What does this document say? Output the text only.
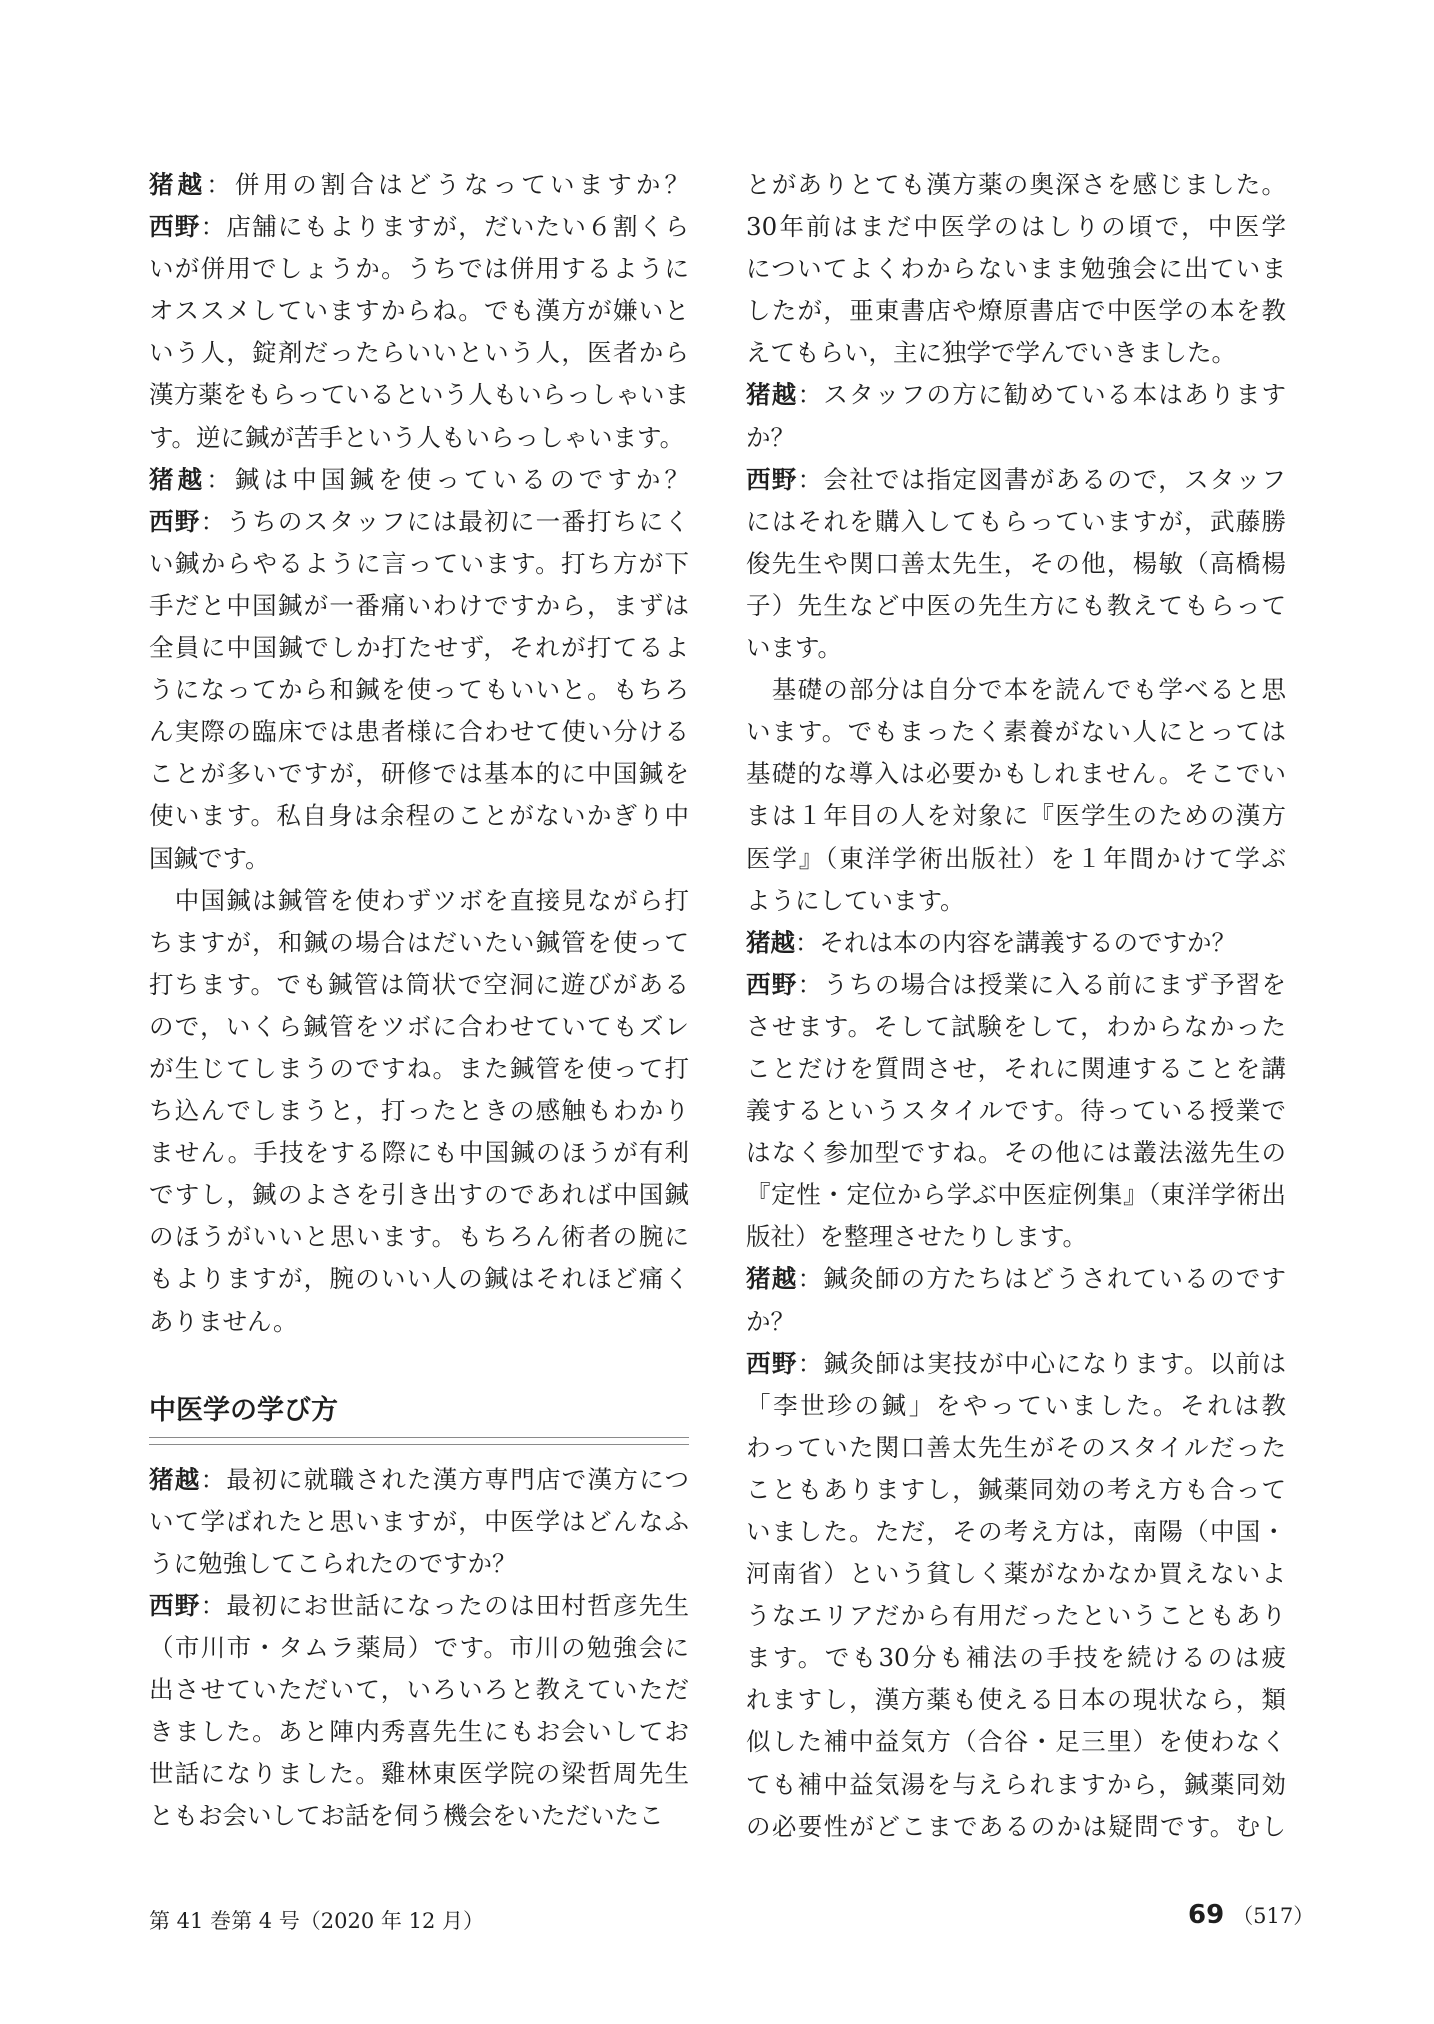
猪越：併用の割合はどうなっていますか？
西野：店舗にもよりますが，だいたい６割くら
いが併用でしょうか。うちでは併用するように
オススメしていますからね。でも漢方が嫌いと
いう人，錠剤だったらいいという人，医者から
漢方薬をもらっているという人もいらっしゃいま
す。逆に鍼が苦手という人もいらっしゃいます。
猪越：鍼は中国鍼を使っているのですか？
西野：うちのスタッフには最初に一番打ちにく
い鍼からやるように言っています。打ち方が下
手だと中国鍼が一番痛いわけですから，まずは
全員に中国鍼でしか打たせず，それが打てるよ
うになってから和鍼を使ってもいいと。もちろ
ん実際の臨床では患者様に合わせて使い分ける
ことが多いですが，研修では基本的に中国鍼を
使います。私自身は余程のことがないかぎり中
国鍼です。
　中国鍼は鍼管を使わずツボを直接見ながら打
ちますが，和鍼の場合はだいたい鍼管を使って
打ちます。でも鍼管は筒状で空洞に遊びがある
ので，いくら鍼管をツボに合わせていてもズレ
が生じてしまうのですね。また鍼管を使って打
ち込んでしまうと，打ったときの感触もわかり
ません。手技をする際にも中国鍼のほうが有利
ですし，鍼のよさを引き出すのであれば中国鍼
のほうがいいと思います。もちろん術者の腕に
もよりますが，腕のいい人の鍼はそれほど痛く
ありません。
中医学の学び方
猪越：最初に就職された漢方専門店で漢方につ
いて学ばれたと思いますが，中医学はどんなふ
うに勉強してこられたのですか？
西野：最初にお世話になったのは田村哲彦先生
（市川市・タムラ薬局）です。市川の勉強会に
出させていただいて，いろいろと教えていただ
きました。あと陣内秀喜先生にもお会いしてお
世話になりました。雞林東医学院の梁哲周先生
ともお会いしてお話を伺う機会をいただいたこ
とがありとても漢方薬の奥深さを感じました。
30年前はまだ中医学のはしりの頃で，中医学
についてよくわからないまま勉強会に出ていま
したが，亜東書店や燎原書店で中医学の本を教
えてもらい，主に独学で学んでいきました。
猪越：スタッフの方に勧めている本はあります
か？
西野：会社では指定図書があるので，スタッフ
にはそれを購入してもらっていますが，武藤勝
俊先生や関口善太先生，その他，楊敏（高橋楊
子）先生など中医の先生方にも教えてもらって
います。
　基礎の部分は自分で本を読んでも学べると思
います。でもまったく素養がない人にとっては
基礎的な導入は必要かもしれません。そこでい
まは１年目の人を対象に『医学生のための漢方
医学』（東洋学術出版社）を１年間かけて学ぶ
ようにしています。
猪越：それは本の内容を講義するのですか？
西野：うちの場合は授業に入る前にまず予習を
させます。そして試験をして，わからなかった
ことだけを質問させ，それに関連することを講
義するというスタイルです。待っている授業で
はなく参加型ですね。その他には叢法滋先生の
『定性・定位から学ぶ中医症例集』（東洋学術出
版社）を整理させたりします。
猪越：鍼灸師の方たちはどうされているのです
か？
西野：鍼灸師は実技が中心になります。以前は
「李世珍の鍼」をやっていました。それは教
わっていた関口善太先生がそのスタイルだった
こともありますし，鍼薬同効の考え方も合って
いました。ただ，その考え方は，南陽（中国・
河南省）という貧しく薬がなかなか買えないよ
うなエリアだから有用だったということもあり
ます。でも30分も補法の手技を続けるのは疲
れますし，漢方薬も使える日本の現状なら，類
似した補中益気方（合谷・足三里）を使わなく
ても補中益気湯を与えられますから，鍼薬同効
の必要性がどこまであるのかは疑問です。むし
第 41 巻第 4 号（2020 年 12 月）	69 （517）
